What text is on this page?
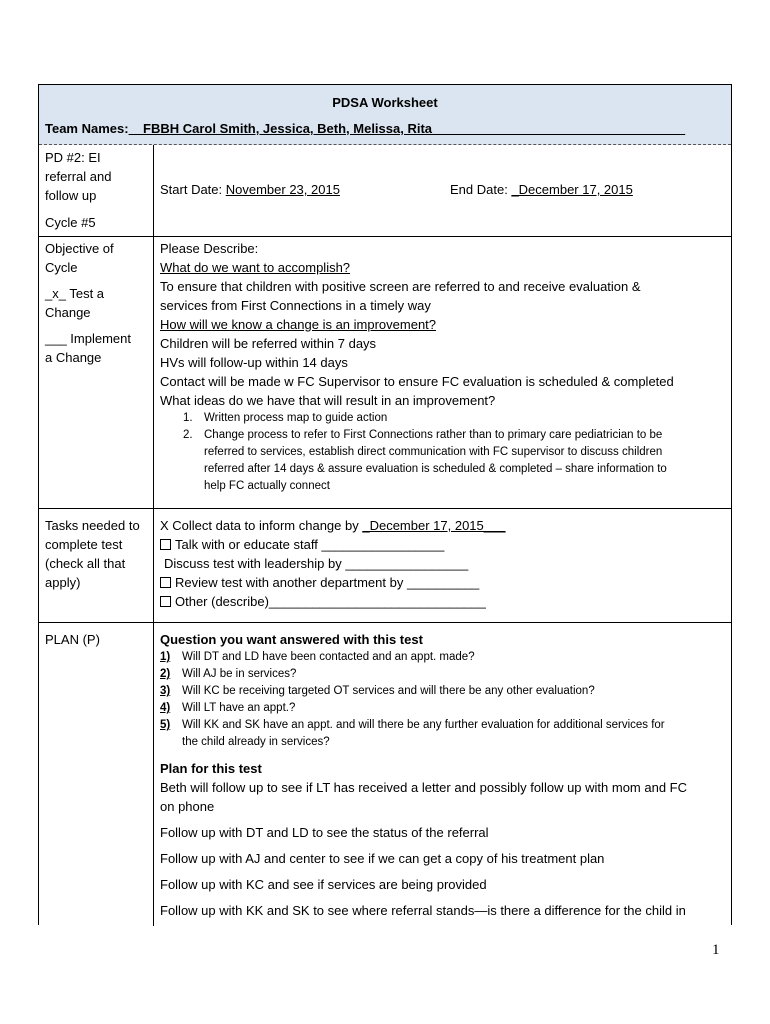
PDSA Worksheet
Team Names:__FBBH Carol Smith, Jessica, Beth, Melissa, Rita___________________________________
PD #2: EI
referral and
follow up
Cycle #5
Start Date: November 23, 2015	End Date: _December 17, 2015
Objective of
Cycle
_x_ Test a
Change
___ Implement
a Change
Please Describe:
What do we want to accomplish?
To ensure that children with positive screen are referred to and receive evaluation &
services from First Connections in a timely way
How will we know a change is an improvement?
Children will be referred within 7 days
HVs will follow-up within 14 days
Contact will be made w FC Supervisor to ensure FC evaluation is scheduled & completed
What ideas do we have that will result in an improvement?
1. Written process map to guide action
2. Change process to refer to First Connections rather than to primary care pediatrician to be
referred to services, establish direct communication with FC supervisor to discuss children
referred after 14 days & assure evaluation is scheduled & completed – share information to
help FC actually connect
Tasks needed to
complete test
(check all that
apply)
X Collect data to inform change by _December 17, 2015___
Talk with or educate staff _________________
Discuss test with leadership by _________________
Review test with another department by __________
Other (describe)______________________________
PLAN (P)	Question you want answered with this test
1) Will DT and LD have been contacted and an appt. made?
2) Will AJ be in services?
3) Will KC be receiving targeted OT services and will there be any other evaluation?
4) Will LT have an appt.?
5) Will KK and SK have an appt. and will there be any further evaluation for additional services for
the child already in services?
Plan for this test
Beth will follow up to see if LT has received a letter and possibly follow up with mom and FC
on phone
Follow up with DT and LD to see the status of the referral
Follow up with AJ and center to see if we can get a copy of his treatment plan
Follow up with KC and see if services are being provided
Follow up with KK and SK to see where referral stands—is there a difference for the child in
1
